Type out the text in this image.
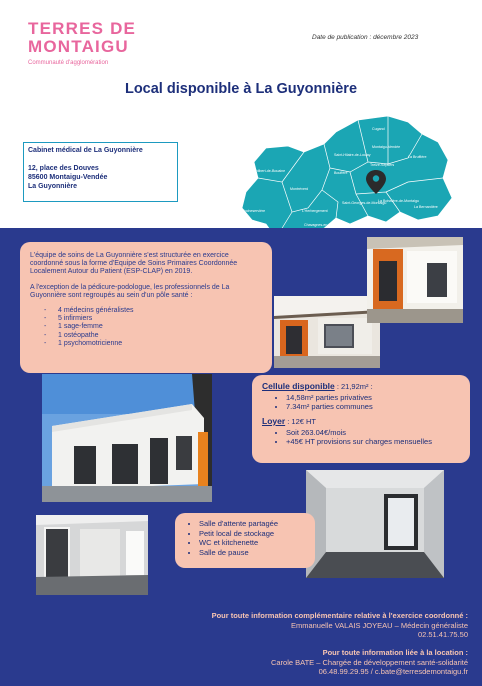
TERRES DE
MONTAIGU
Communauté d'agglomération
Date de publication : décembre 2023
Local disponible à La Guyonnière
Cabinet médical de La Guyonnière
12, place des Douves
85600 Montaigu-Vendée
La Guyonnière
Cugand
Montaigu-Vendée
La Bruffière
Treize-Septiers
La Bernardière
Saint-Hilaire-de-Loulay
Boufféré
Saint-Philbert-de-Bouaine
Montréverd
Rocheservière	L'Herbergement
Saint-Georges-de-Montaigu
La Boissière-de-Montaigu
Chavagnes-en-Paillers

L'équipe de soins de La Guyonnière s'est structurée en exercice coordonné sous la forme d'Equipe de Soins Primaires Coordonnée Localement Autour du Patient (ESP-CLAP) en 2019.

A l'exception de la pédicure-podologue, les professionnels de La Guyonnière sont regroupés au sein d'un pôle santé :

- 4 médecins généralistes
- 5 infirmiers
- 1 sage-femme
- 1 ostéopathe
- 1 psychomotricienne
Cellule disponible : 21,92m² :
• 14,58m² parties privatives
• 7.34m² parties communes
Loyer : 12€ HT
• Soit 263.04€/mois
• +45€ HT provisions sur charges mensuelles
• Salle d'attente partagée
• Petit local de stockage
• WC et kitchenette
• Salle de pause
Pour toute information complémentaire relative à l'exercice coordonné :
Emmanuelle VALAIS JOYEAU – Médecin généraliste
02.51.41.75.50
Pour toute information liée à la location :
Carole BATE – Chargée de développement santé-solidarité
06.48.99.29.95 / c.bate@terresdemontaigu.fr
